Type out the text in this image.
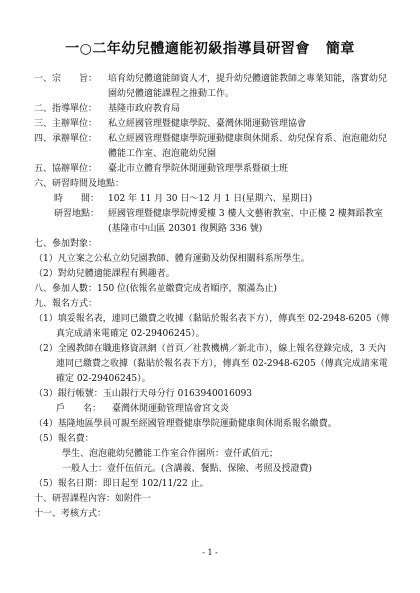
一○二年幼兒體適能初級指導員研習會 簡章
一、宗　　旨：	培育幼兒體適能師資人才，提升幼兒體適能教師之專業知能，落實幼兒園幼兒體適能課程之推動工作。
二、指導單位：	基隆市政府教育局
三、主辦單位：	私立經國管理暨健康學院、臺灣休閒運動管理協會
四、承辦單位：	私立經國管理暨健康學院運動健康與休閒系、幼兒保育系、泡泡龍幼兒體能工作室、泡泡龍幼兒園
五、協辦單位：	臺北市立體育學院休閒運動管理學系暨碩士班
六、研習時間及地點：
時　　間： 102 年 11 月 30 日～12 月 1 日(星期六、星期日)
研習地點： 經國管理暨健康學院博愛樓 3 樓人文藝術教室、中正樓 2 樓舞蹈教室(基隆市中山區 20301 復興路 336 號)
七、參加對象：
（1）凡立案之公私立幼兒園教師、體育運動及幼保相關科系所學生。
（2）對幼兒體適能課程有興趣者。
八、參加人數：150 位(依報名並繳費完成者順序，額滿為止)
九、報名方式：
（1）填妥報名表，連同已繳費之收據（黏貼於報名表下方），傳真至 02-2948-6205（傳真完成請來電確定 02-29406245）。
（2）全國教師在職進修資訊網（首頁／社教機構／新北市），線上報名登錄完成，3 天內連同已繳費之收據（黏貼於報名表下方），傳真至 02-2948-6205（傳真完成請來電確定 02-29406245）。
（3）銀行帳號：玉山銀行天母分行 0163940016093
戶　　名： 臺灣休閒運動管理協會宮文炎
（4）基隆地區學員可親至經國管理暨健康學院運動健康與休閒系報名繳費。
（5）報名費：
學生、泡泡龍幼兒體能工作室合作園所：壹仟貳佰元；
一般人士：壹仟伍佰元。(含講義、餐點、保險、考照及授證費)
（5）報名日期：即日起至 102/11/22 止。
十、研習課程內容：如附件一
十一、考核方式：
- 1 -
